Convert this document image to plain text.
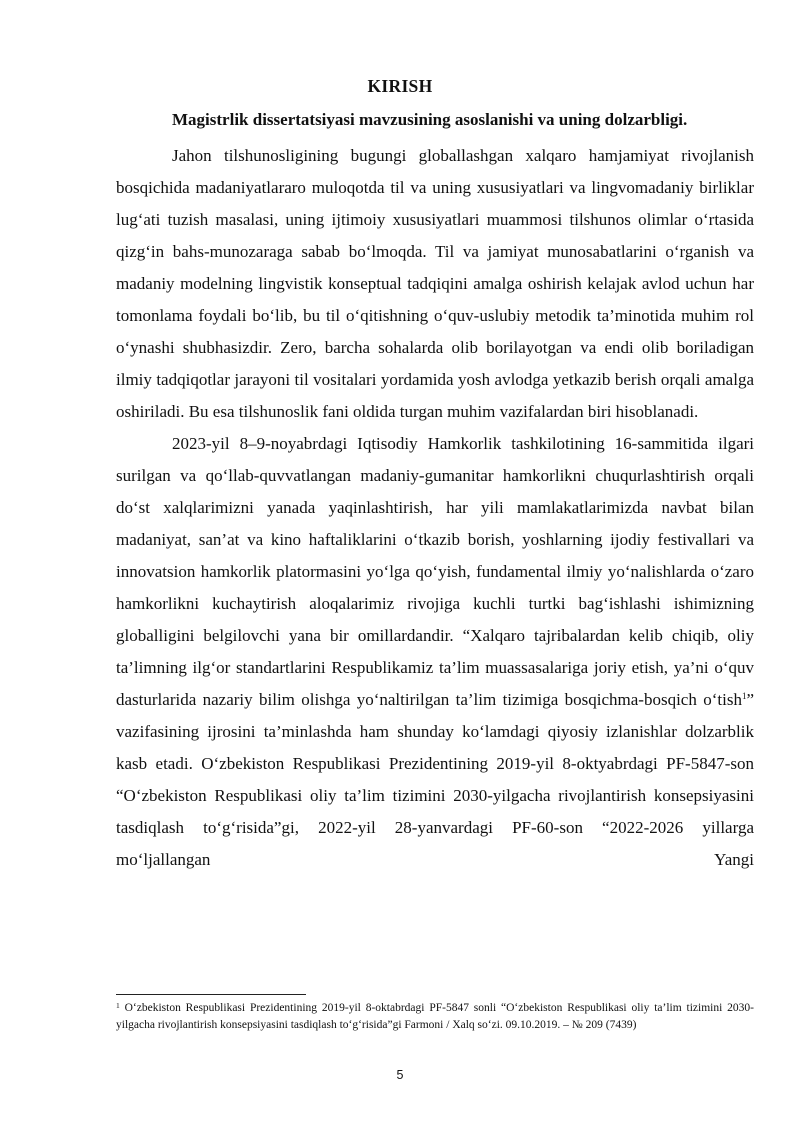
KIRISH
Magistrlik dissertatsiyasi mavzusining asoslanishi va uning dolzarbligi.

Jahon tilshunosligining bugungi globallashgan xalqaro hamjamiyat rivojlanish bosqichida madaniyatlararo muloqotda til va uning xususiyatlari va lingvomadaniy birliklar lug‘ati tuzish masalasi, uning ijtimoiy xususiyatlari muammosi tilshunos olimlar o‘rtasida qizg‘in bahs-munozaraga sabab bo‘lmoqda. Til va jamiyat munosabatlarini o‘rganish va madaniy modelning lingvistik konseptual tadqiqini amalga oshirish kelajak avlod uchun har tomonlama foydali bo‘lib, bu til o‘qitishning o‘quv-uslubiy metodik ta’minotida muhim rol o‘ynashi shubhasizdir. Zero, barcha sohalarda olib borilayotgan va endi olib boriladigan ilmiy tadqiqotlar jarayoni til vositalari yordamida yosh avlodga yetkazib berish orqali amalga oshiriladi. Bu esa tilshunoslik fani oldida turgan muhim vazifalardan biri hisoblanadi.

2023-yil 8–9-noyabrdagi Iqtisodiy Hamkorlik tashkilotining 16-sammitida ilgari surilgan va qo‘llab-quvvatlangan madaniy-gumanitar hamkorlikni chuqurlashtirish orqali do‘st xalqlarimizni yanada yaqinlashtirish, har yili mamlakatlarimizda navbat bilan madaniyat, san’at va kino haftaliklarini o‘tkazib borish, yoshlarning ijodiy festivallari va innovatsion hamkorlik platormasini yo‘lga qo‘yish, fundamental ilmiy yo‘nalishlarda o‘zaro hamkorlikni kuchaytirish aloqalarimiz rivojiga kuchli turtki bag‘ishlashi ishimizning globalligini belgilovchi yana bir omillardandir. “Xalqaro tajribalardan kelib chiqib, oliy ta’limning ilg‘or standartlarini Respublikamiz ta’lim muassasalariga joriy etish, ya’ni o‘quv dasturlarida nazariy bilim olishga yo‘naltirilgan ta’lim tizimiga bosqichma-bosqich o‘tish$^1$” vazifasining ijrosini ta’minlashda ham shunday ko‘lamdagi qiyosiy izlanishlar dolzarblik kasb etadi. O‘zbekiston Respublikasi Prezidentining 2019-yil 8-oktyabrdagi PF-5847-son “O‘zbekiston Respublikasi oliy ta’lim tizimini 2030-yilgacha rivojlantirish konsepsiyasini tasdiqlash to‘g‘risida”gi, 2022-yil 28-yanvardagi PF-60-son “2022-2026 yillarga mo‘ljallangan Yangi

$^1$ O‘zbekiston Respublikasi Prezidentining 2019-yil 8-oktabrdagi PF-5847 sonli “O‘zbekiston Respublikasi oliy ta’lim tizimini 2030-yilgacha rivojlantirish konsepsiyasini tasdiqlash to‘g‘risida”gi Farmoni / Xalq so‘zi. 09.10.2019. – № 209 (7439)
5
